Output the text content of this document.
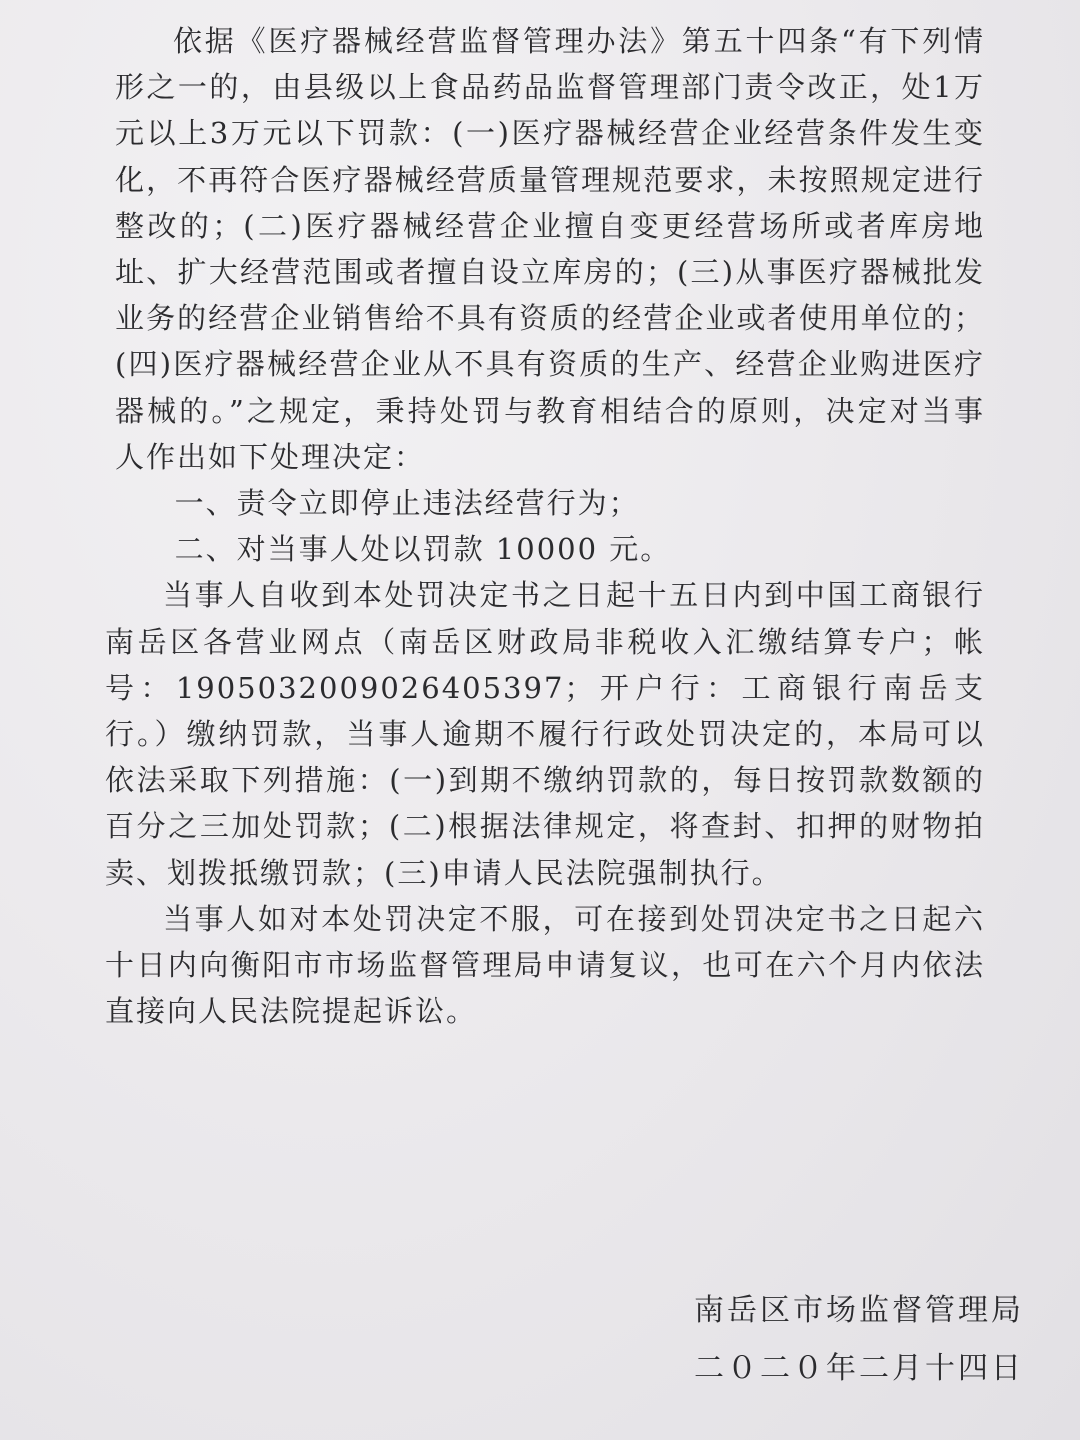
依据《医疗器械经营监督管理办法》第五十四条“有下列情形之一的，由县级以上食品药品监督管理部门责令改正，处1万元以上3万元以下罚款：(一)医疗器械经营企业经营条件发生变化，不再符合医疗器械经营质量管理规范要求，未按照规定进行整改的；(二)医疗器械经营企业擅自变更经营场所或者库房地址、扩大经营范围或者擅自设立库房的；(三)从事医疗器械批发业务的经营企业销售给不具有资质的经营企业或者使用单位的；(四)医疗器械经营企业从不具有资质的生产、经营企业购进医疗器械的。”之规定，秉持处罚与教育相结合的原则，决定对当事人作出如下处理决定：

一、责令立即停止违法经营行为；

二、对当事人处以罚款 10000 元。

当事人自收到本处罚决定书之日起十五日内到中国工商银行南岳区各营业网点（南岳区财政局非税收入汇缴结算专户；帐号：19050320090264053​97；开户行：工商银行南岳支行。）缴纳罚款，当事人逾期不履行行政处罚决定的，本局可以依法采取下列措施：(一)到期不缴纳罚款的，每日按罚款数额的百分之三加处罚款；(二)根据法律规定，将查封、扣押的财物拍卖、划拨抵缴罚款；(三)申请人民法院强制执行。

当事人如对本处罚决定不服，可在接到处罚决定书之日起六十日内向衡阳市市场监督管理局申请复议，也可在六个月内依法直接向人民法院提起诉讼。

南岳区市场监督管理局
二０二０年二月十四日
